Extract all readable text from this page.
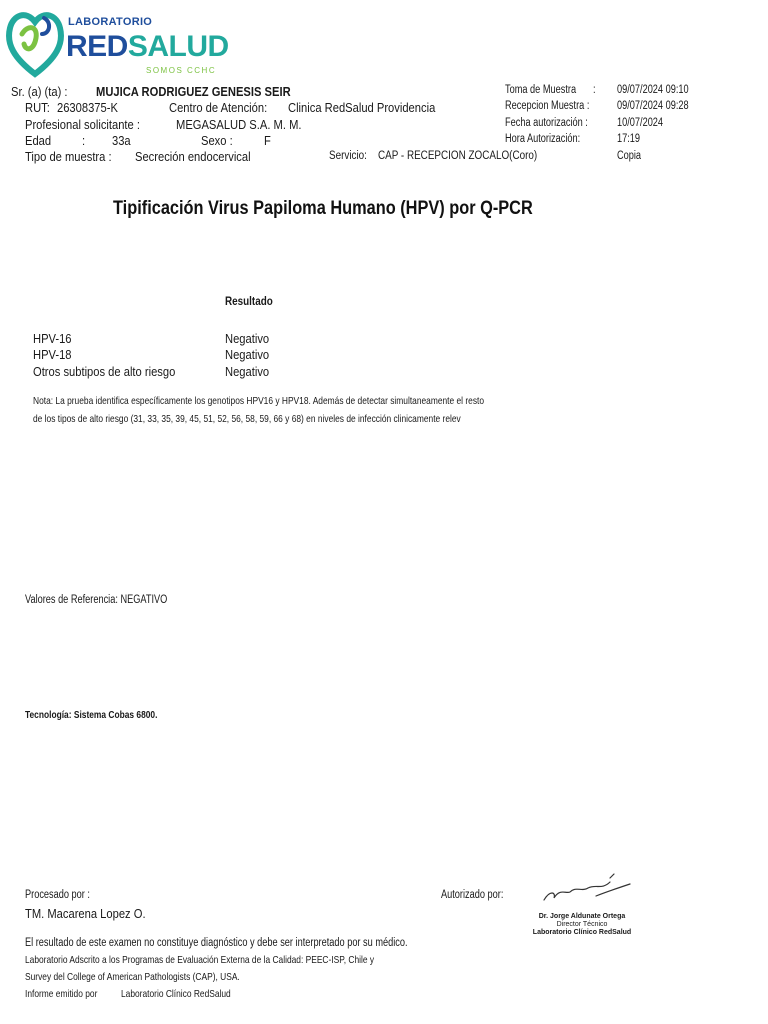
LABORATORIO
REDSALUD
SOMOS CCHC
Sr. (a) (ta) : MUJICA RODRIGUEZ GENESIS SEIR
RUT: 26308375-K	Centro de Atención: Clinica RedSalud Providencia
Profesional solicitante :	MEGASALUD S.A. M. M.
Edad : 33a	Sexo : F
Tipo de muestra : Secreción endocervical	Servicio: CAP - RECEPCION ZOCALO(Coro)
Toma de Muestra : 09/07/2024 09:10
Recepcion Muestra : 09/07/2024 09:28
Fecha autorización :	10/07/2024
Hora Autorización:	17:19
Copia
Tipificación Virus Papiloma Humano (HPV) por Q-PCR
Resultado
HPV-16	Negativo
HPV-18	Negativo
Otros subtipos de alto riesgo	Negativo
Nota: La prueba identifica específicamente los genotipos HPV16 y HPV18. Además de detectar simultaneamente el resto
de los tipos de alto riesgo (31, 33, 35, 39, 45, 51, 52, 56, 58, 59, 66 y 68) en niveles de infección clinicamente relev
Valores de Referencia: NEGATIVO
Tecnología: Sistema Cobas 6800.
Procesado por :
TM. Macarena Lopez O.
Autorizado por:
Dr. Jorge Aldunate Ortega
Director Técnico
Laboratorio Clínico RedSalud
El resultado de este examen no constituye diagnóstico y debe ser interpretado por su médico.
Laboratorio Adscrito a los Programas de Evaluación Externa de la Calidad: PEEC-ISP, Chile y
Survey del College of American Pathologists (CAP), USA.
Informe emitido por Laboratorio Clínico RedSalud
